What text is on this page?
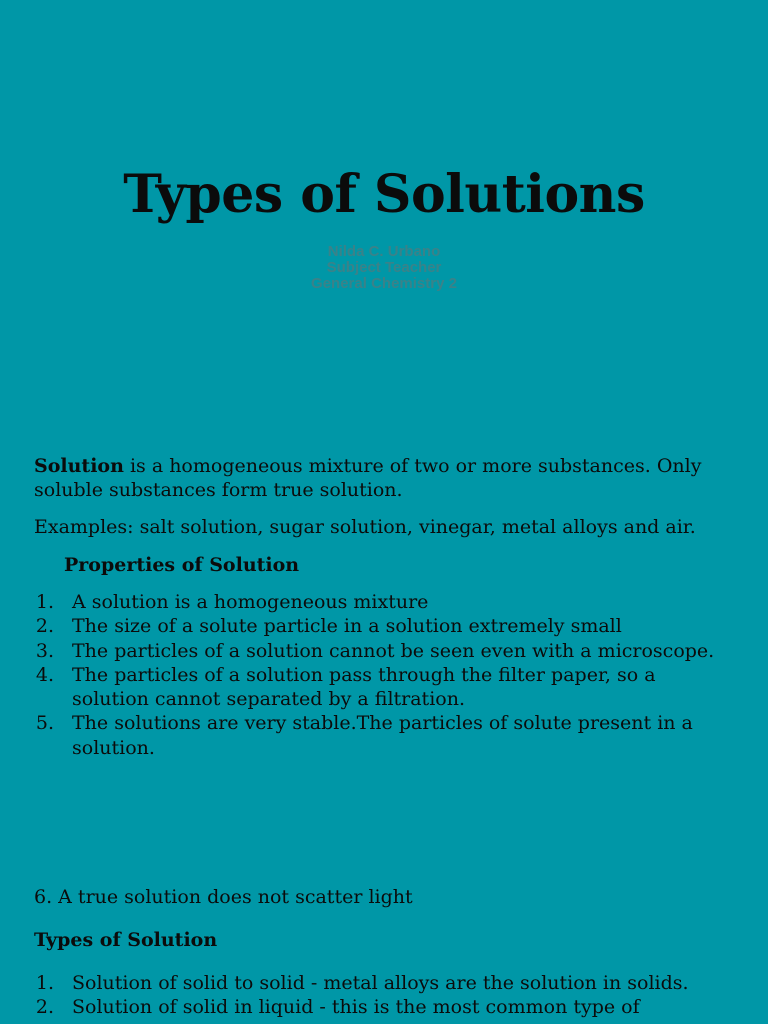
Types of Solutions
Nilda C. Urbano
Subject Teacher
General Chemistry 2

Solution is a homogeneous mixture of two or more substances. Only soluble substances form true solution.

Examples: salt solution, sugar solution, vinegar, metal alloys and air.

Properties of Solution
1. A solution is a homogeneous mixture
2. The size of a solute particle in a solution extremely small
3. The particles of a solution cannot be seen even with a microscope.
4. The particles of a solution pass through the filter paper, so a solution cannot separated by a filtration.
5. The solutions are very stable.The particles of solute present in a solution.

6. A true solution does not scatter light

Types of Solution
1. Solution of solid to solid - metal alloys are the solution in solids.
2. Solution of solid in liquid - this is the most common type of
